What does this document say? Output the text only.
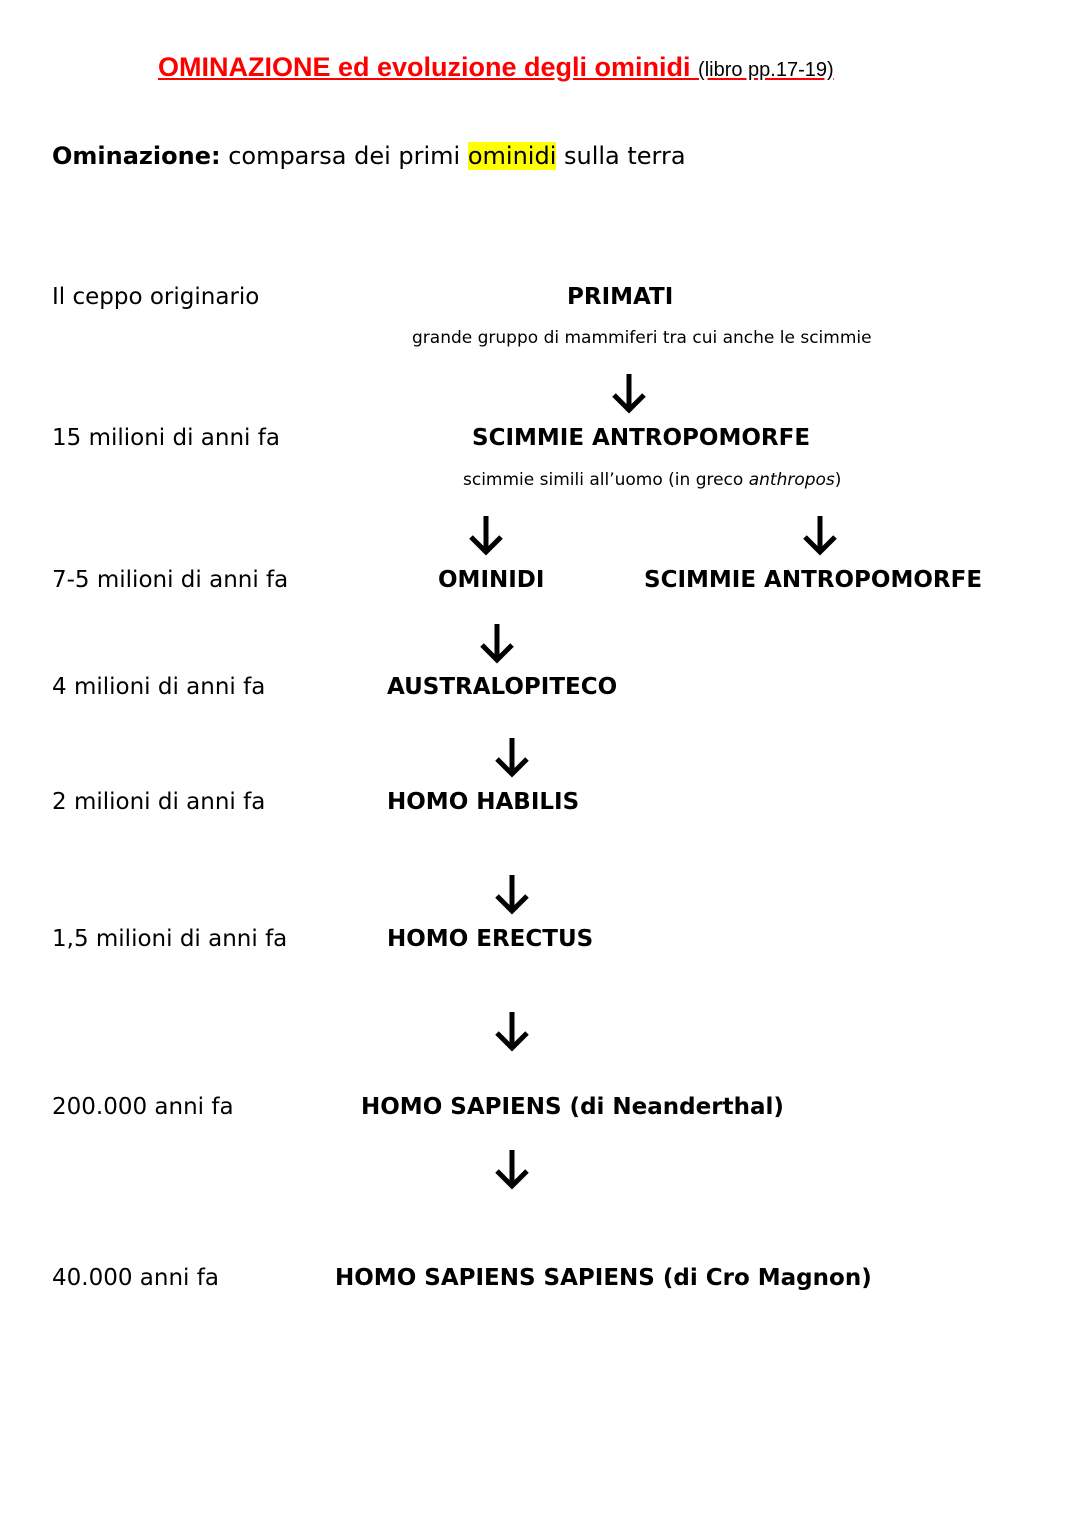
OMINAZIONE ed evoluzione degli ominidi (libro pp.17-19)
Ominazione: comparsa dei primi ominidi sulla terra
Il ceppo originario
15 milioni di anni fa
7-5 milioni di anni fa
4 milioni di anni fa
2 milioni di anni fa
1,5 milioni di anni fa
200.000 anni fa
40.000 anni fa
PRIMATI
grande gruppo di mammiferi tra cui anche le scimmie
SCIMMIE ANTROPOMORFE
scimmie simili all’uomo (in greco anthropos)
OMINIDI	SCIMMIE ANTROPOMORFE
AUSTRALOPITECO
HOMO HABILIS
HOMO ERECTUS
HOMO SAPIENS (di Neanderthal)
HOMO SAPIENS SAPIENS (di Cro Magnon)
